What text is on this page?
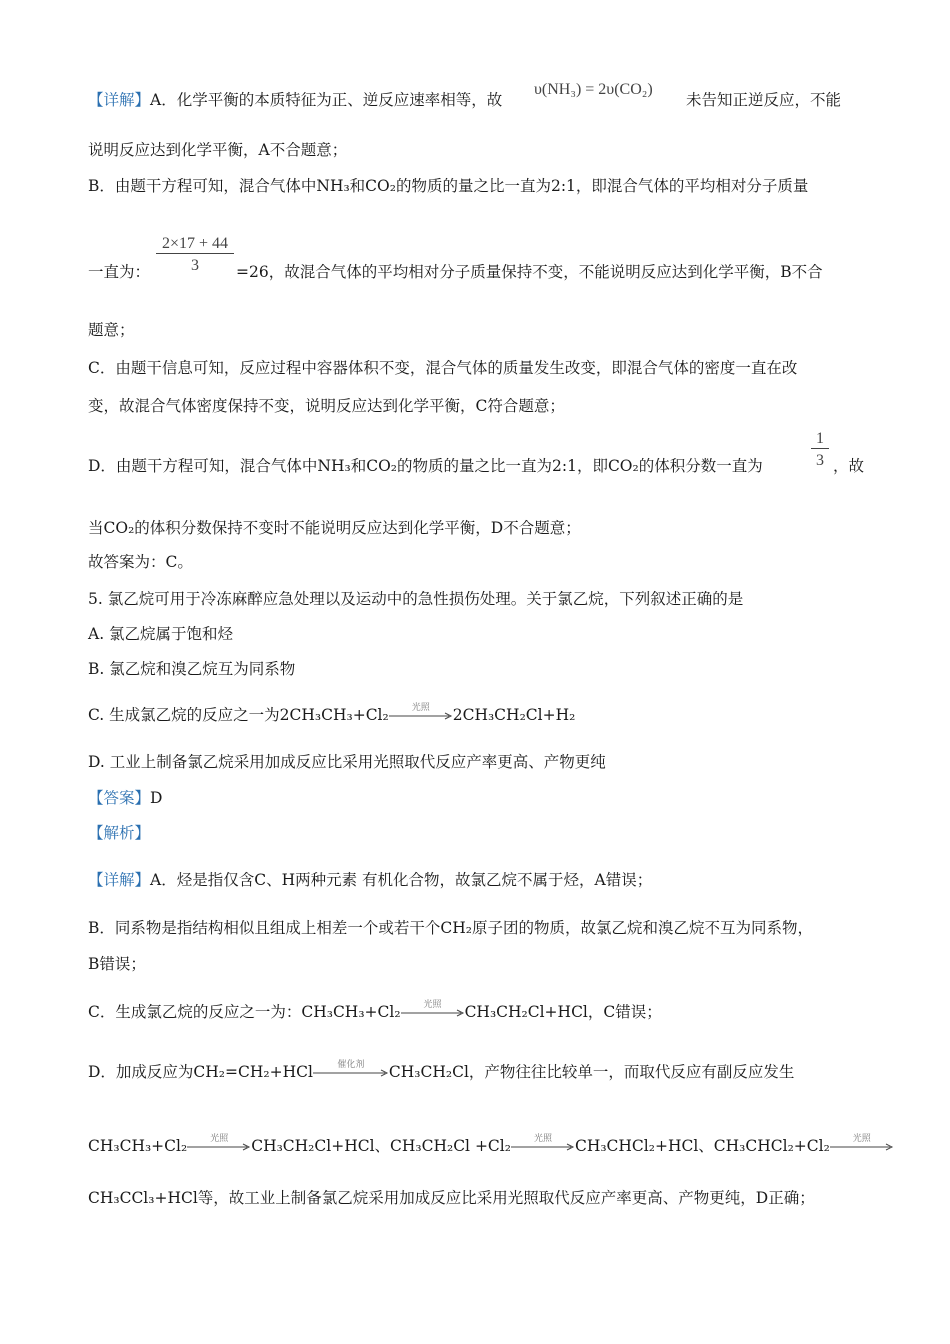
【详解】A．化学平衡的本质特征为正、逆反应速率相等，故
υ(NH₃) = 2υ(CO₂)
未告知正逆反应，不能
说明反应达到化学平衡，A不合题意；
B．由题干方程可知，混合气体中NH₃和CO₂的物质的量之比一直为2:1，即混合气体的平均相对分子质量
$\frac{2\times 17 + 44}{3}$
一直为：	=26，故混合气体的平均相对分子质量保持不变，不能说明反应达到化学平衡，B不合
题意；
C．由题干信息可知，反应过程中容器体积不变，混合气体的质量发生改变，即混合气体的密度一直在改
变，故混合气体密度保持不变，说明反应达到化学平衡，C符合题意；
D．由题干方程可知，混合气体中NH₃和CO₂的物质的量之比一直为2:1，即CO₂的体积分数一直为	$\frac{1}{3}$ ，故
当CO₂的体积分数保持不变时不能说明反应达到化学平衡，D不合题意；
故答案为：C。
5. 氯乙烷可用于冷冻麻醉应急处理以及运动中的急性损伤处理。关于氯乙烷，下列叙述正确的是
A. 氯乙烷属于饱和烃
B. 氯乙烷和溴乙烷互为同系物
C. 生成氯乙烷的反应之一为2CH₃CH₃+Cl₂	光照	2CH₃CH₂Cl+H₂
D. 工业上制备氯乙烷采用加成反应比采用光照取代反应产率更高、产物更纯
【答案】D
【解析】
【详解】A．烃是指仅含C、H两种元素 有机化合物，故氯乙烷不属于烃，A错误；
B．同系物是指结构相似且组成上相差一个或若干个CH₂原子团的物质，故氯乙烷和溴乙烷不互为同系物，
B错误；
C．生成氯乙烷的反应之一为：CH₃CH₃+Cl₂	光照	CH₃CH₂Cl+HCl，C错误；
D．加成反应为CH₂=CH₂+HCl	催化剂	CH₃CH₂Cl，产物往往比较单一，而取代反应有副反应发生
CH₃CH₃+Cl₂	光照	CH₃CH₂Cl+HCl、CH₃CH₂Cl +Cl₂	光照	CH₃CHCl₂+HCl、CH₃CHCl₂+Cl₂	光照
CH₃CCl₃+HCl等，故工业上制备氯乙烷采用加成反应比采用光照取代反应产率更高、产物更纯，D正确；
